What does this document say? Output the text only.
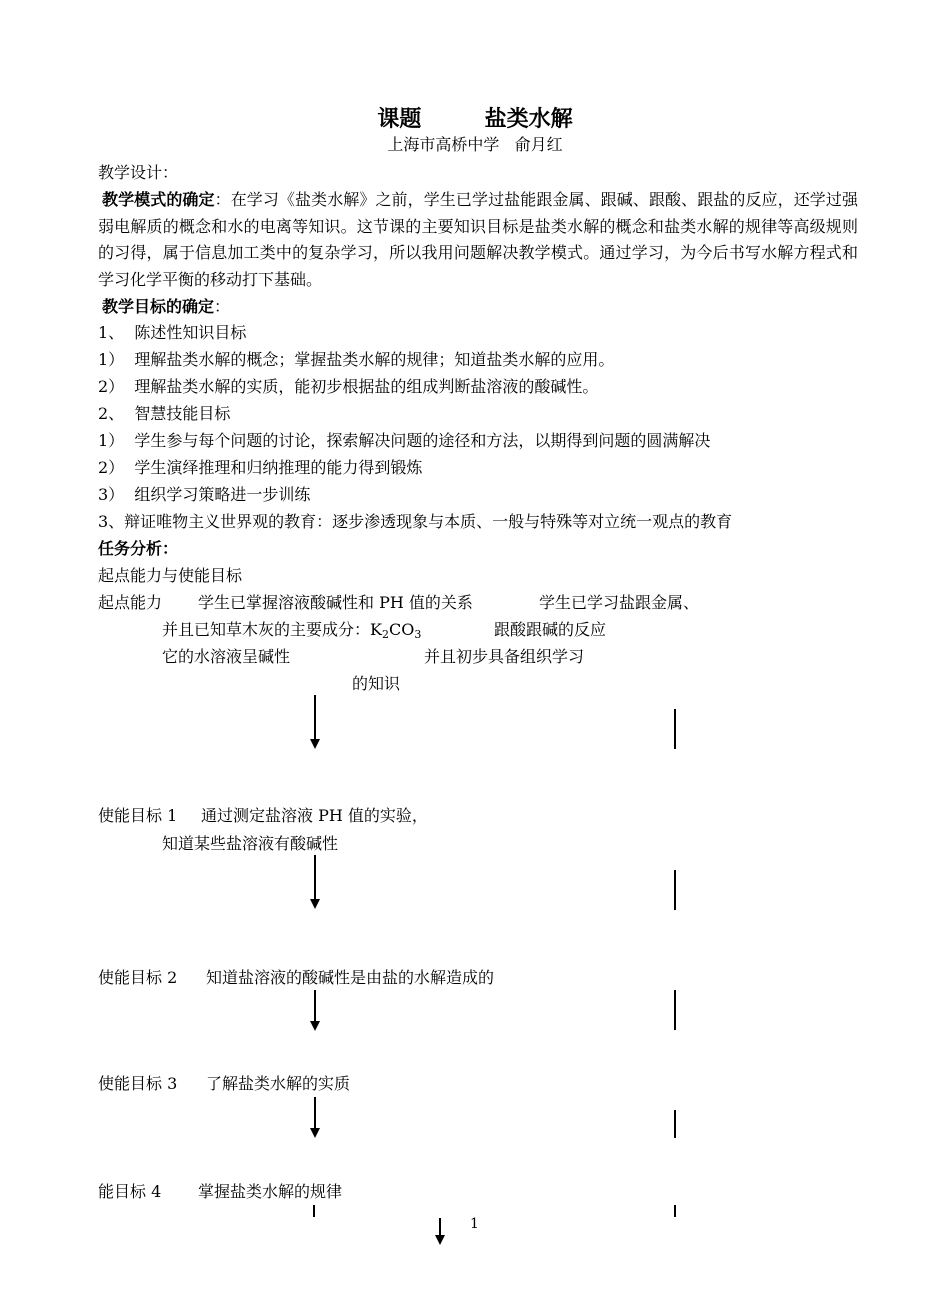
课题	盐类水解
上海市高桥中学   俞月红
教学设计：
教学模式的确定：在学习《盐类水解》之前，学生已学过盐能跟金属、跟碱、跟酸、跟盐的反应，还学过强弱电解质的概念和水的电离等知识。这节课的主要知识目标是盐类水解的概念和盐类水解的规律等高级规则的习得，属于信息加工类中的复杂学习，所以我用问题解决教学模式。通过学习，为今后书写水解方程式和学习化学平衡的移动打下基础。
教学目标的确定：
1、  陈述性知识目标
1）  理解盐类水解的概念；掌握盐类水解的规律；知道盐类水解的应用。
2）  理解盐类水解的实质，能初步根据盐的组成判断盐溶液的酸碱性。
2、  智慧技能目标
1）  学生参与每个问题的讨论，探索解决问题的途径和方法，以期得到问题的圆满解决
2）  学生演绎推理和归纳推理的能力得到锻炼
3）  组织学习策略进一步训练
3、辩证唯物主义世界观的教育：逐步渗透现象与本质、一般与特殊等对立统一观点的教育
任务分析：
起点能力与使能目标
起点能力 学生已掌握溶液酸碱性和 PH 值的关系	学生已学习盐跟金属、
并且已知草木灰的主要成分：$K_2CO_3$	跟酸跟碱的反应
它的水溶液呈碱性	并且初步具备组织学习
的知识
使能目标 1 通过测定盐溶液 PH 值的实验，
知道某些盐溶液有酸碱性
使能目标 2 知道盐溶液的酸碱性是由盐的水解造成的
使能目标 3 了解盐类水解的实质
能目标 4 掌握盐类水解的规律
1
